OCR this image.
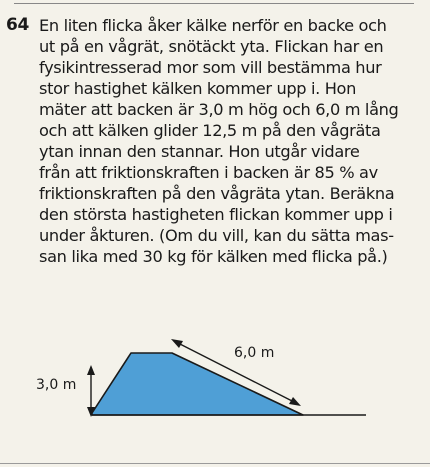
64 En liten flicka åker kälke nerför en backe och
ut på en vågrät, snötäckt yta. Flickan har en
fysikintresserad mor som vill bestämma hur
stor hastighet kälken kommer upp i. Hon
mäter att backen är 3,0 m hög och 6,0 m lång
och att kälken glider 12,5 m på den vågräta
ytan innan den stannar. Hon utgår vidare
från att friktionskraften i backen är 85 % av
friktionskraften på den vågräta ytan. Beräkna
den största hastigheten flickan kommer upp i
under åkturen. (Om du vill, kan du sätta mas-
san lika med 30 kg för kälken med flicka på.)
3,0 m
6,0 m
